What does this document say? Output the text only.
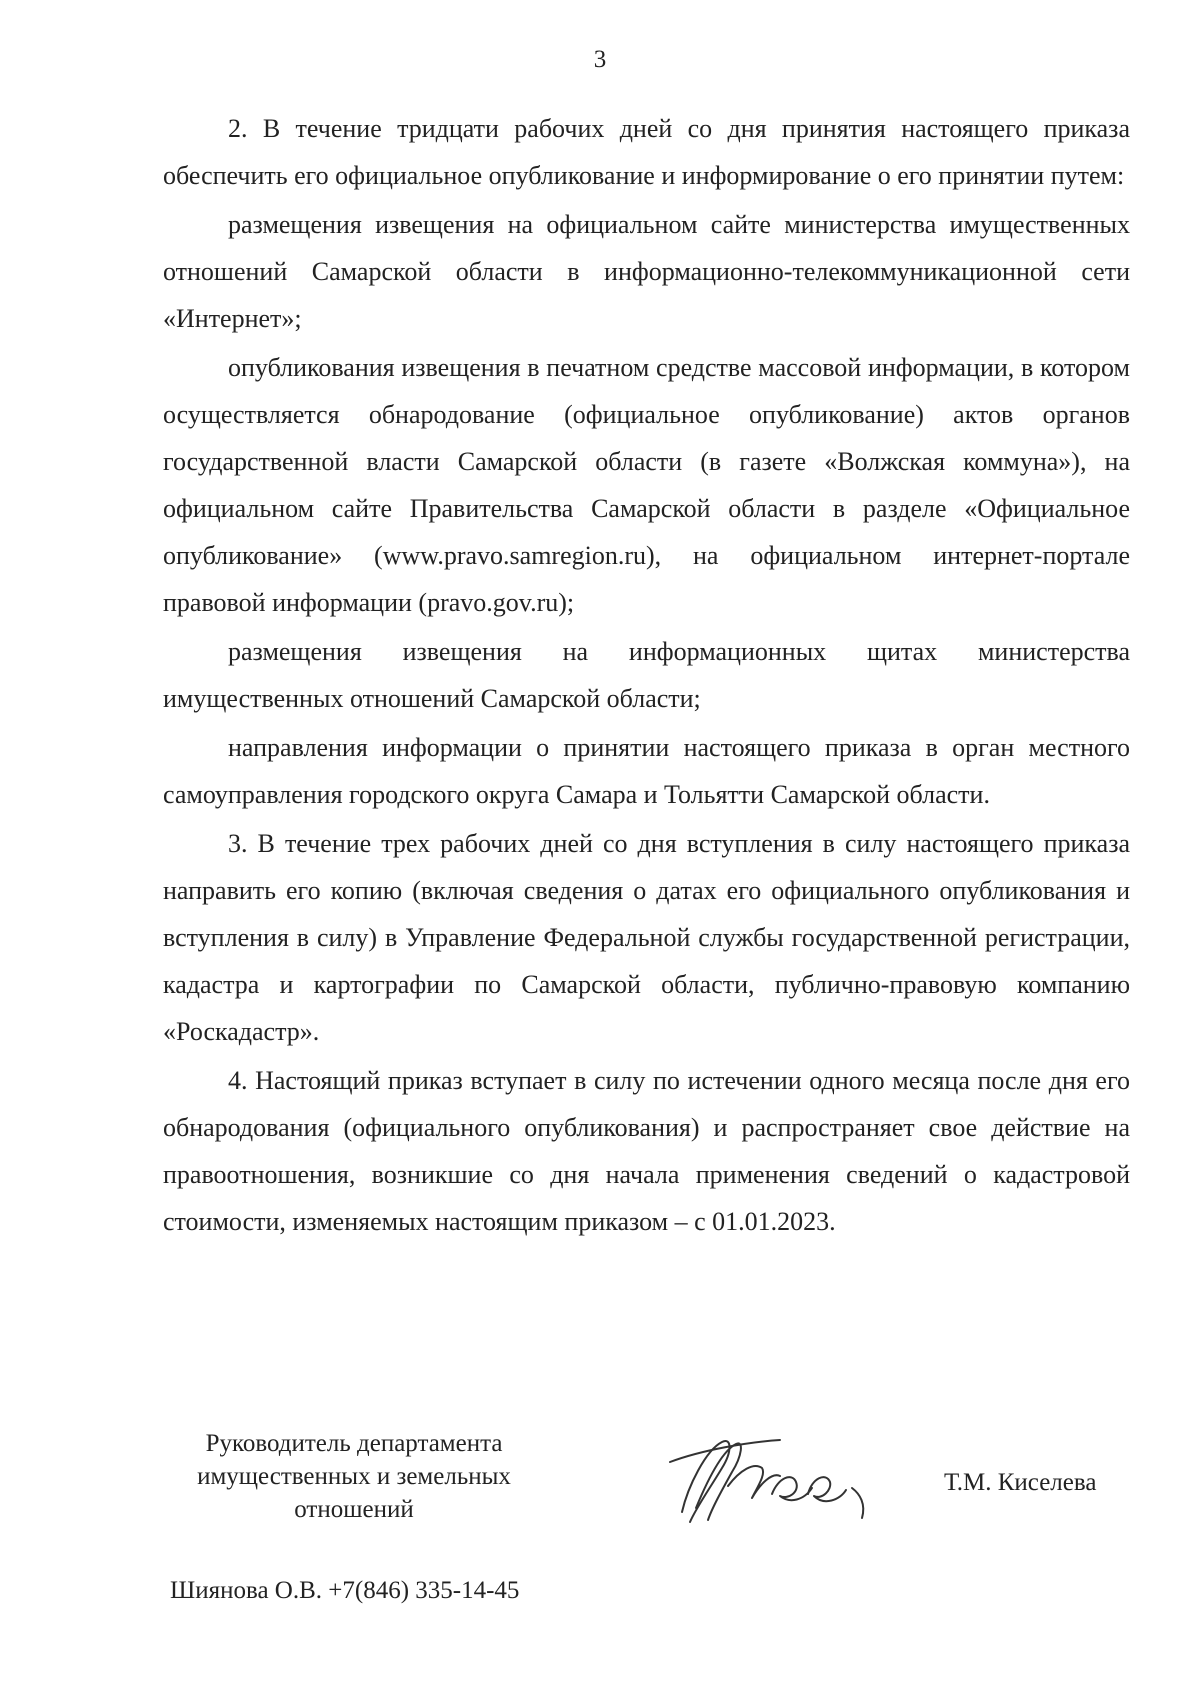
3

2. В течение тридцати рабочих дней со дня принятия настоящего приказа обеспечить его официальное опубликование и информирование о его принятии путем:

размещения извещения на официальном сайте министерства имущественных отношений Самарской области в информационно-телекоммуникационной сети «Интернет»;

опубликования извещения в печатном средстве массовой информации, в котором осуществляется обнародование (официальное опубликование) актов органов государственной власти Самарской области (в газете «Волжская коммуна»), на официальном сайте Правительства Самарской области в разделе «Официальное опубликование» (www.pravo.samregion.ru), на официальном интернет-портале правовой информации (pravo.gov.ru);

размещения извещения на информационных щитах министерства имущественных отношений Самарской области;

направления информации о принятии настоящего приказа в орган местного самоуправления городского округа Самара и Тольятти Самарской области.

3. В течение трех рабочих дней со дня вступления в силу настоящего приказа направить его копию (включая сведения о датах его официального опубликования и вступления в силу) в Управление Федеральной службы государственной регистрации, кадастра и картографии по Самарской области, публично-правовую компанию «Роскадастр».

4. Настоящий приказ вступает в силу по истечении одного месяца после дня его обнародования (официального опубликования) и распространяет свое действие на правоотношения, возникшие со дня начала применения сведений о кадастровой стоимости, изменяемых настоящим приказом – с 01.01.2023.

Руководитель департамента
имущественных и земельных
отношений
Т.М. Киселева
Шиянова О.В. +7(846) 335-14-45
